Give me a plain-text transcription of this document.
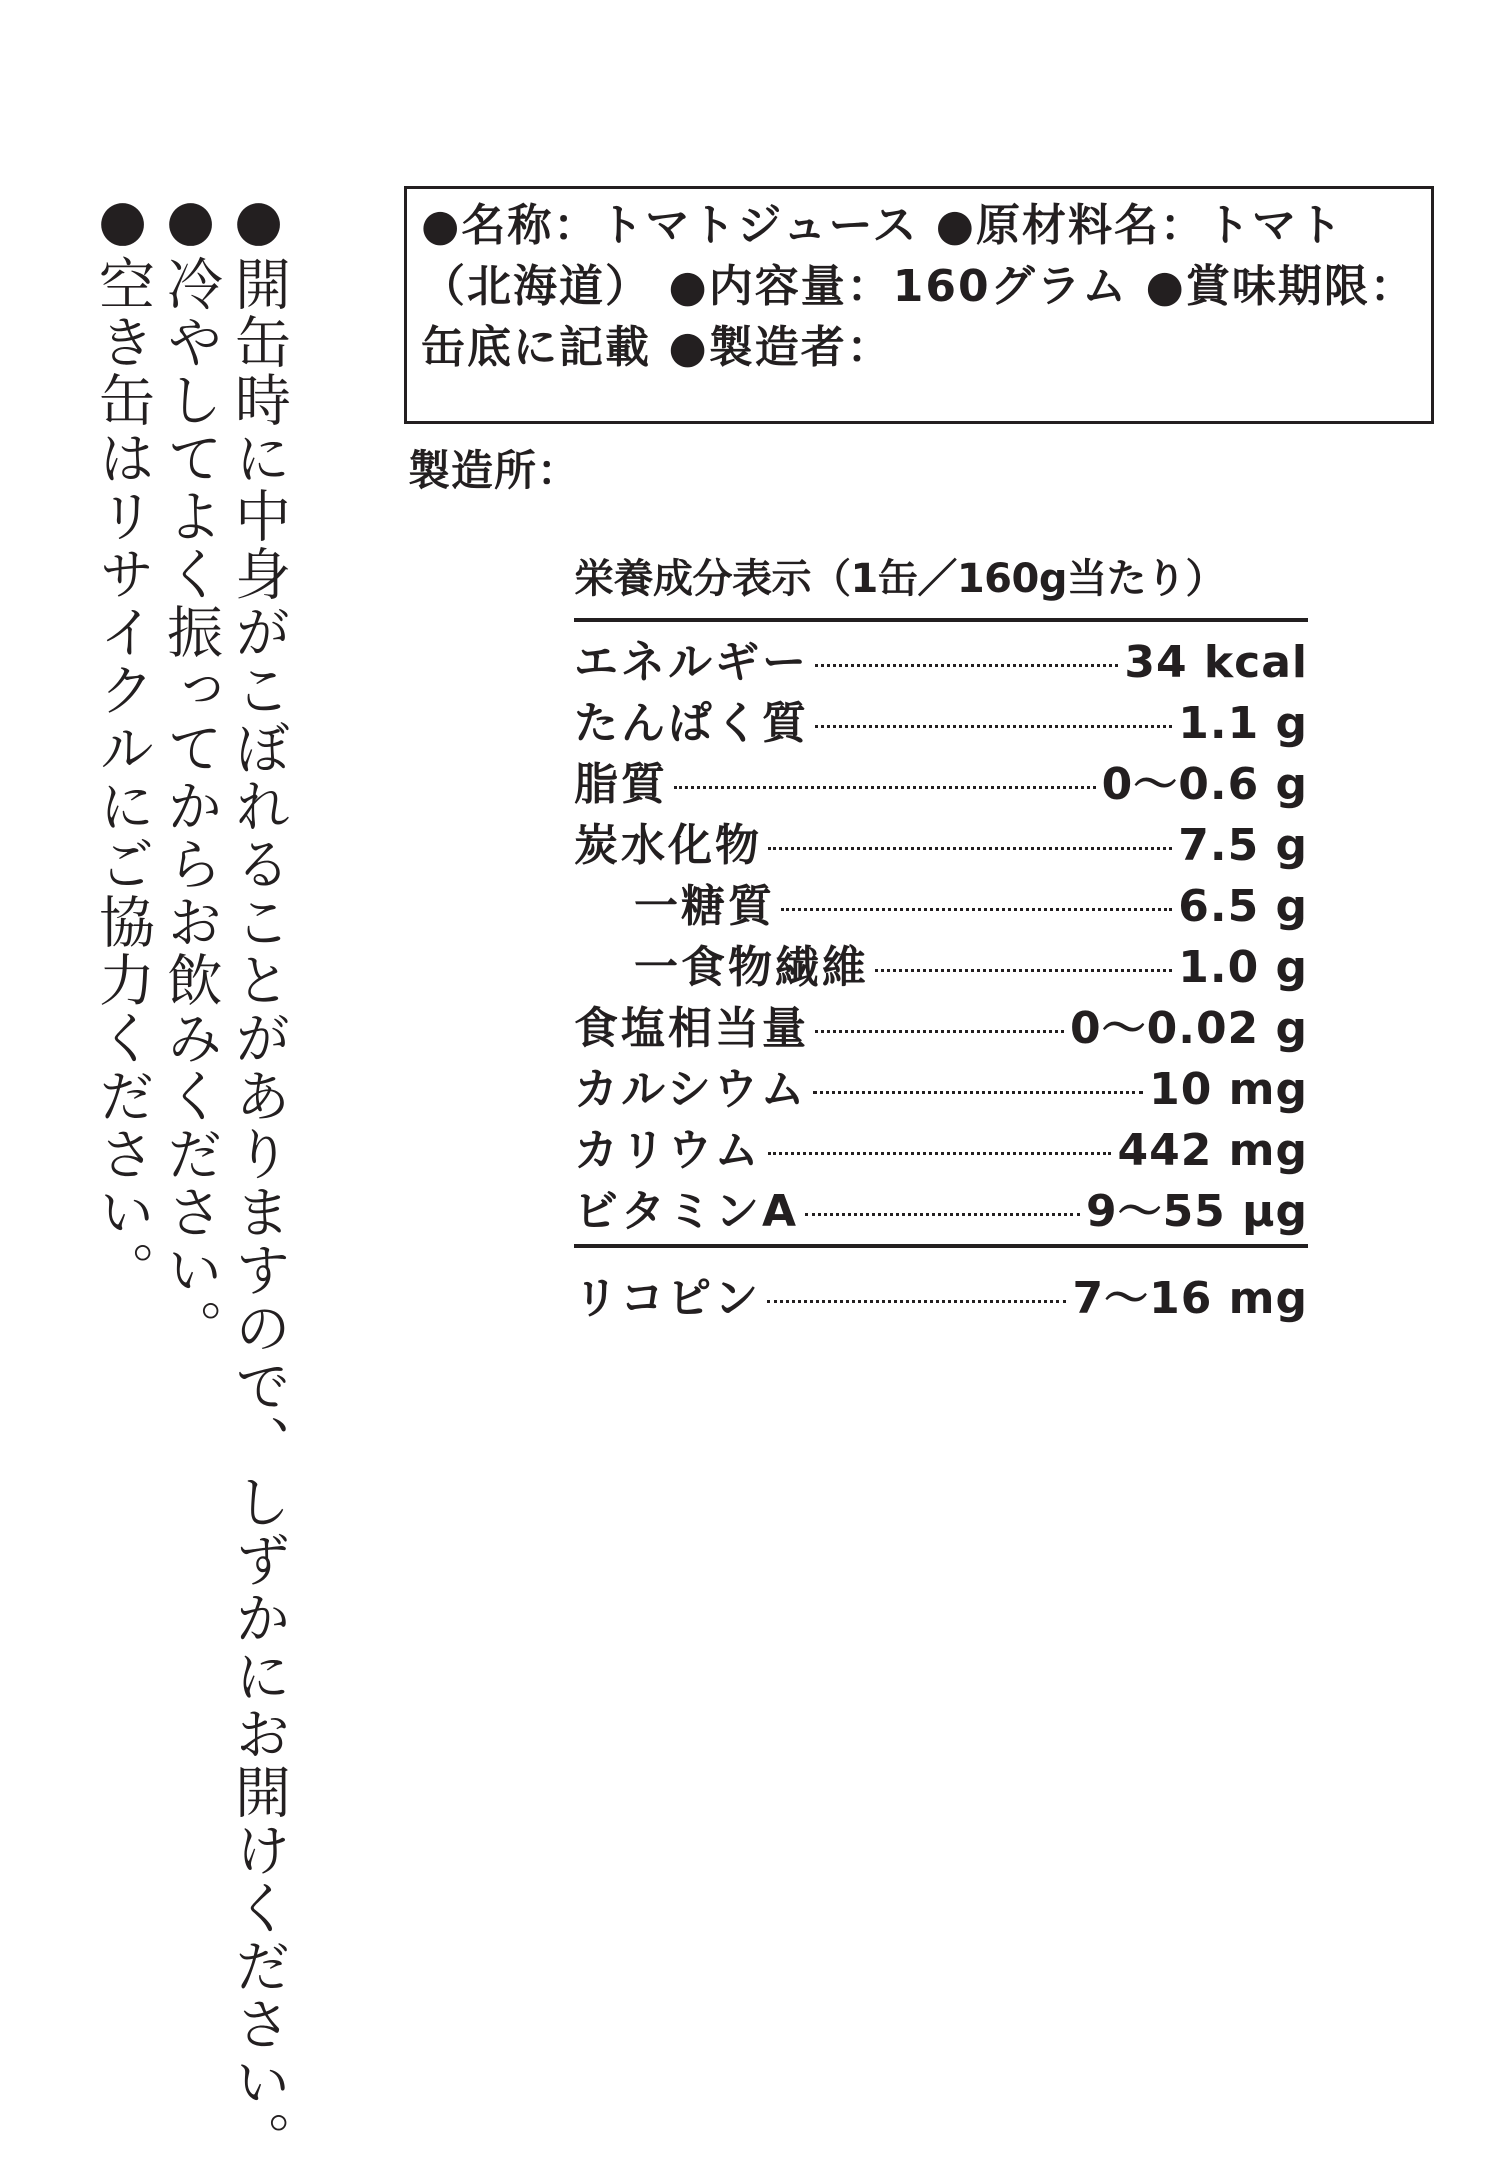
●開缶時に中身がこぼれることがありますので、しずかにお開けください。

●冷やしてよく振ってからお飲みください。

●空き缶はリサイクルにご協力ください。	●名称：トマトジュース ●原材料名：トマト（北海道） ●内容量：160グラム ●賞味期限：缶底に記載 ●製造者：
製造所：
栄養成分表示（1缶／160g当たり）
エネルギー	34 kcal
たんぱく質	1.1 g
脂質	0～0.6 g
炭水化物	7.5 g
一糖質	6.5 g
一食物繊維	1.0 g
食塩相当量	0～0.02 g
カルシウム	10 mg
カリウム	442 mg
ビタミンA	9～55 μg
リコピン	7～16 mg
